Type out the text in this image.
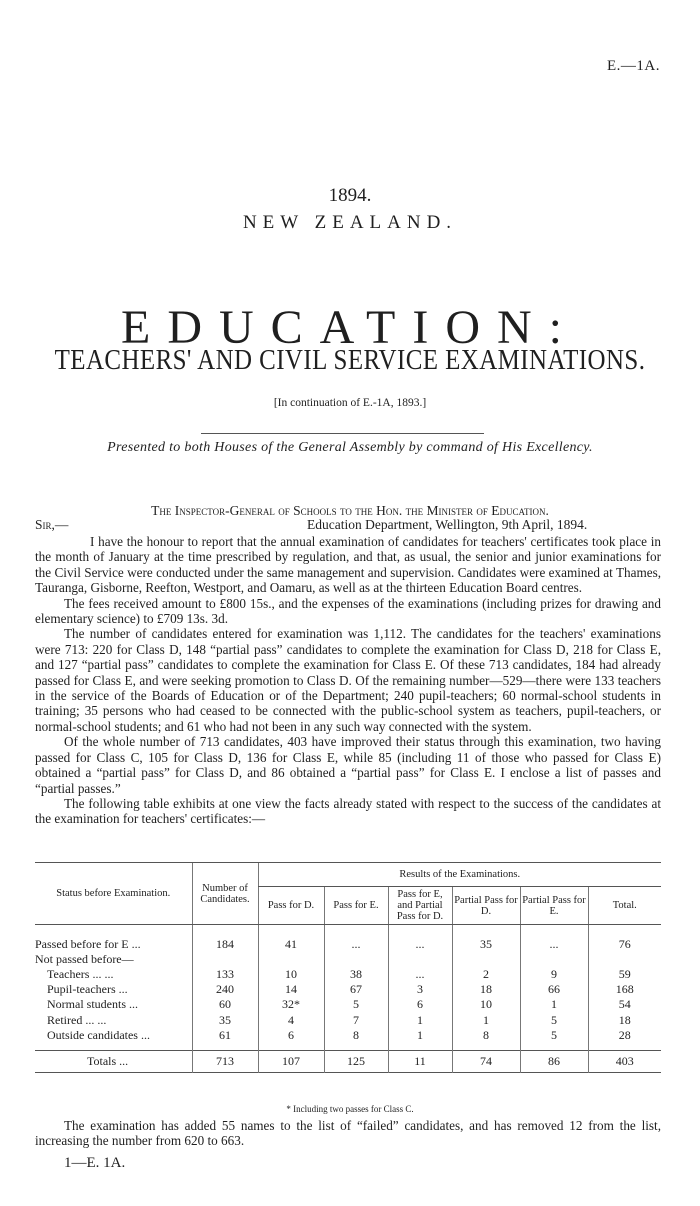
E.—1A.
1894.
NEW ZEALAND.
EDUCATION:
TEACHERS' AND CIVIL SERVICE EXAMINATIONS.
[In continuation of E.-1A, 1893.]
Presented to both Houses of the General Assembly by command of His Excellency.
The Inspector-General of Schools to the Hon. the Minister of Education.
Sir,—	Education Department, Wellington, 9th April, 1894.

I have the honour to report that the annual examination of candidates for teachers' certificates took place in the month of January at the time prescribed by regulation, and that, as usual, the senior and junior examinations for the Civil Service were conducted under the same management and supervision. Candidates were examined at Thames, Tauranga, Gisborne, Reefton, Westport, and Oamaru, as well as at the thirteen Education Board centres.

The fees received amount to £800 15s., and the expenses of the examinations (including prizes for drawing and elementary science) to £709 13s. 3d.

The number of candidates entered for examination was 1,112. The candidates for the teachers' examinations were 713: 220 for Class D, 148 “partial pass” candidates to complete the examination for Class D, 218 for Class E, and 127 “partial pass” candidates to complete the examination for Class E. Of these 713 candidates, 184 had already passed for Class E, and were seeking promotion to Class D. Of the remaining number—529—there were 133 teachers in the service of the Boards of Education or of the Department; 240 pupil-teachers; 60 normal-school students in training; 35 persons who had ceased to be connected with the public-school system as teachers, pupil-teachers, or normal-school students; and 61 who had not been in any such way connected with the system.

Of the whole number of 713 candidates, 403 have improved their status through this examination, two having passed for Class C, 105 for Class D, 136 for Class E, while 85 (including 11 of those who passed for Class E) obtained a “partial pass” for Class D, and 86 obtained a “partial pass” for Class E. I enclose a list of passes and “partial passes.”

The following table exhibits at one view the facts already stated with respect to the success of the candidates at the examination for teachers' certificates:—

Status before Examination.	Number of Candidates.	Results of the Examinations.					
		Pass for D.	Pass for E.	Pass for E, and Partial Pass for D.	Partial Pass for D.	Partial Pass for E.	Total.

Passed before for E ...	184	41	...	...	35	...	76
Not passed before—							
Teachers ... ...	133	10	38	...	2	9	59
Pupil-teachers ...	240	14	67	3	18	66	168
Normal students ...	60	32*	5	6	10	1	54
Retired ... ...	35	4	7	1	1	5	18
Outside candidates ...	61	6	8	1	8	5	28

Totals ...	713	107	125	11	74	86	403

* Including two passes for Class C.

The examination has added 55 names to the list of “failed” candidates, and has removed 12 from the list, increasing the number from 620 to 663.

1—E. 1A.
